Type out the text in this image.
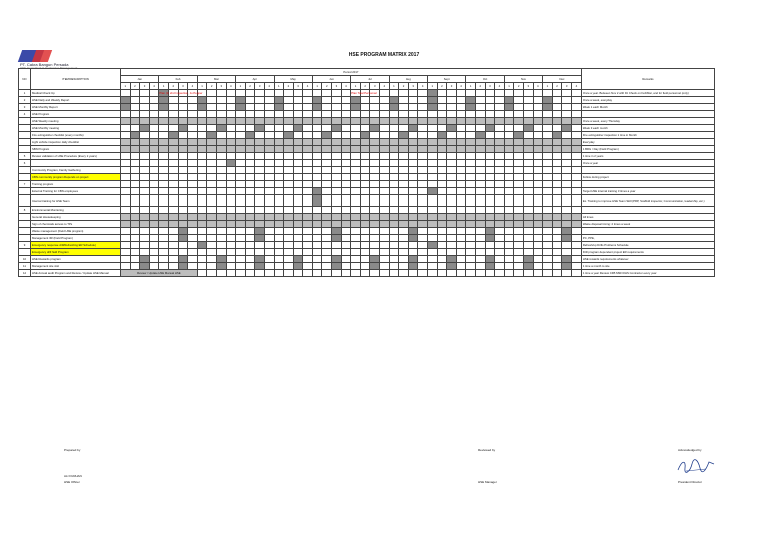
PT. Cakra Bangun Persada
HSE Consultant & Contractor Management
HSE PROGRAM MATRIX 2017
NO	ITEM/DESCRIPTION	Period 2017																																																Remarks
		Jan				Feb				Mar				Apr				May				Jun				Jul				Aug				Sept				Oct				Nov				Dec				
		1	2	3	4	1	2	3	4	1	2	3	4	1	2	3	4	1	2	3	4	1	2	3	4	1	2	3	4	1	2	3	4	1	2	3	4	1	2	3	4	1	2	3	4	1	2	3	4	
1	Medical Check Up					Plan (1) 2nd Inspection, Jo Pepper																				Plan Total Personnel																								Once a year. Between Nov 2 with Fit Check on Feb/Mar, and for field personnel (only)
2	HSE Daily and Weekly Report																																																	Once a week, everyday
3	HSE Monthly Report																																																	Week 1 each Month
4	HSE Program																																																	
	HSE Weekly meeting																																																	Once a week, every Thursday
	HSE Monthly meeting																																																	Week 3 each month
	Fire extinguisher checklist (every months)																																																	Fire extinguisher inspection 1 time in Month
	Light vehicle inspection daily checklist																																																	Everyday
	SBN Program																																																	1 BRG / Day (Field Program)
5	Review validation of HSE Procedure (Every 2 years)																																																	1 time in 2 years
6																																																		Once a year
	Community Program, Family Gathering																																																	
	CBN community program Depends on project																																																	Follow during project
7	Training program																																																	
	External Training for CBN employees																																																	Target HSE internal training 3 times a year
	Internal training for HSE Team																																																	Ex. Training to improve HSE Team Skill (PRP, Scaffold inspector, Communication, leadership, etc.)
8	Environmental Monitoring																																																	
	General Housekeeping																																																	All times
	Sign of chemicals access to TPs																																																	Waste disposal timing: 2 times a week
	Waste management (Field HSE program)																																																	
	Management 3R (Field Program)																																																	PC, PPE,
9	Emergency response drill/Refreshing ER Schedule)																																																	Refresh/up Drills Problems Schedule
	Emergency drill field Program																																																	Drill program dependent project ER requirements
10	HSE Rewards program																																																	HSE rewards requirements whatever
11	Management site visit																																																	1 time a month to site
12	HSE Annual audit Program and Review / Update HSE Manual	Review / Update HSE Manual HSE																																																1 time a year Review CFB MSF/OHS Contractor every year
Prepared by
ALI FURHAN
HSE Officer
Reviewed by
HSE Manager
Acknowledged by
President Director
